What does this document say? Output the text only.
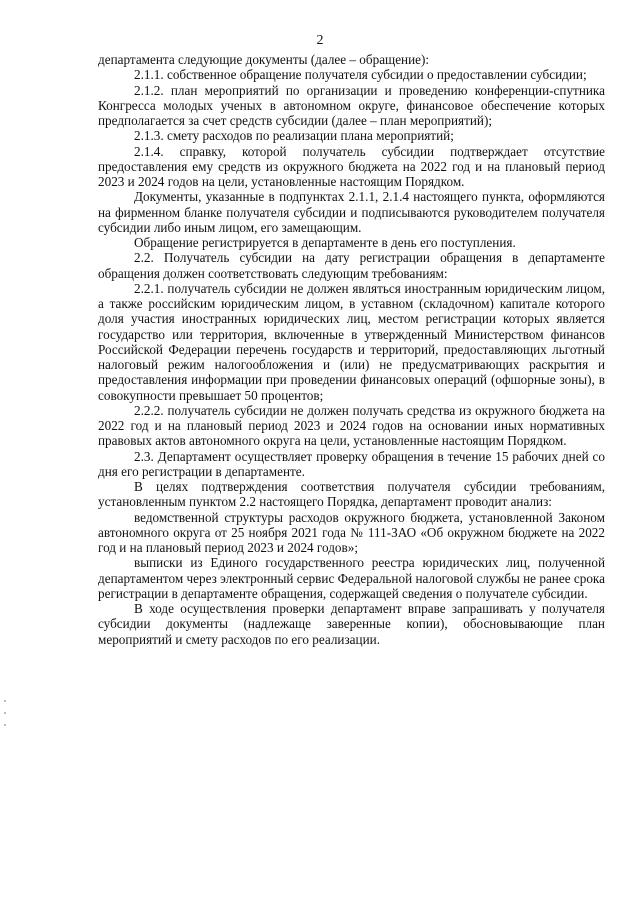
2

департамента следующие документы (далее – обращение):

2.1.1. собственное обращение получателя субсидии о предоставлении субсидии;

2.1.2. план мероприятий по организации и проведению конференции-спутника Конгресса молодых ученых в автономном округе, финансовое обеспечение которых предполагается за счет средств субсидии (далее – план мероприятий);

2.1.3. смету расходов по реализации плана мероприятий;

2.1.4. справку, которой получатель субсидии подтверждает отсутствие предоставления ему средств из окружного бюджета на 2022 год и на плановый период 2023 и 2024 годов на цели, установленные настоящим Порядком.

Документы, указанные в подпунктах 2.1.1, 2.1.4 настоящего пункта, оформляются на фирменном бланке получателя субсидии и подписываются руководителем получателя субсидии либо иным лицом, его замещающим.

Обращение регистрируется в департаменте в день его поступления.

2.2. Получатель субсидии на дату регистрации обращения в департаменте обращения должен соответствовать следующим требованиям:

2.2.1. получатель субсидии не должен являться иностранным юридическим лицом, а также российским юридическим лицом, в уставном (складочном) капитале которого доля участия иностранных юридических лиц, местом регистрации которых является государство или территория, включенные в утвержденный Министерством финансов Российской Федерации перечень государств и территорий, предоставляющих льготный налоговый режим налогообложения и (или) не предусматривающих раскрытия и предоставления информации при проведении финансовых операций (офшорные зоны), в совокупности превышает 50 процентов;

2.2.2. получатель субсидии не должен получать средства из окружного бюджета на 2022 год и на плановый период 2023 и 2024 годов на основании иных нормативных правовых актов автономного округа на цели, установленные настоящим Порядком.

2.3. Департамент осуществляет проверку обращения в течение 15 рабочих дней со дня его регистрации в департаменте.

В целях подтверждения соответствия получателя субсидии требованиям, установленным пунктом 2.2 настоящего Порядка, департамент проводит анализ:

ведомственной структуры расходов окружного бюджета, установленной Законом автономного округа от 25 ноября 2021 года № 111-ЗАО «Об окружном бюджете на 2022 год и на плановый период 2023 и 2024 годов»;

выписки из Единого государственного реестра юридических лиц, полученной департаментом через электронный сервис Федеральной налоговой службы не ранее срока регистрации в департаменте обращения, содержащей сведения о получателе субсидии.

В ходе осуществления проверки департамент вправе запрашивать у получателя субсидии документы (надлежаще заверенные копии), обосновывающие план мероприятий и смету расходов по его реализации.
